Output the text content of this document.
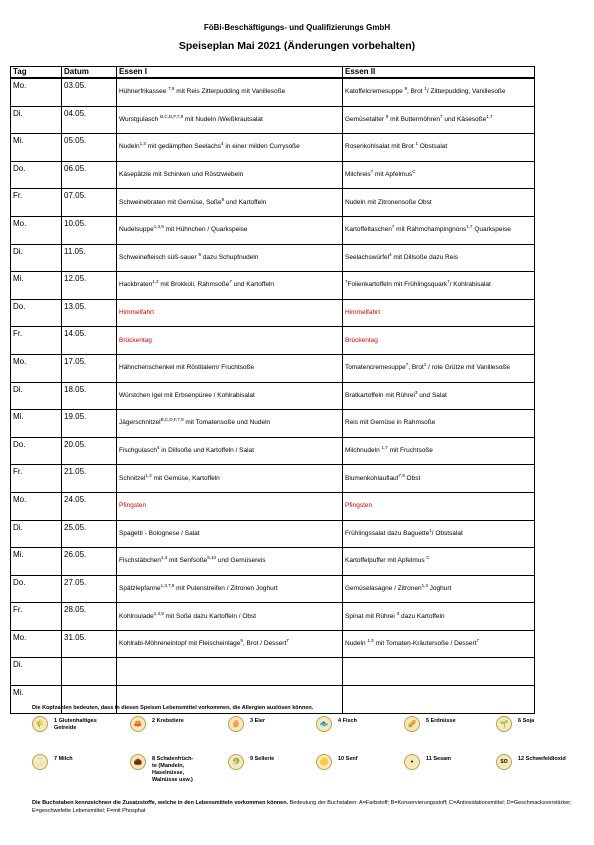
FöBi-Beschäftigungs- und Qualifizierungs GmbH
Speiseplan Mai 2021 (Änderungen vorbehalten)
Tag	Datum	Essen I	Essen II
Mo.	03.05.	Hühnerfrikassee $^{7,9}$ mit Reis Zitterpudding mit Vanillesoße	Katoffelcremesuppe $^9$, Brot $^1$/ Zitterpudding, Vanillesoße
Di.	04.05.	Wurstgulasch $^{B,C,D,F,7,9}$ mit Nudeln /Weißkrautsalat	Gemüsetalter $^9$ mit Buttermöhren$^7$ und Käsesoße$^{1,7}$
Mi.	05.05.	Nudeln$^{1,3}$ mit gedämpften Seelachs$^4$ in einer milden Currysoße	Rosenkohlsalat mit Brot $^1$ Obstsalat
Do.	06.05.	Käsepätzle mit Schinken und Röstzwiebeln	Milchreis$^7$ mit Apfelmus$^C$
Fr.	07.05.	Schweinebraten mit Gemüse, Soße$^9$ und Kartoffeln	Nudeln mit Zitronensoße Obst
Mo.	10.05.	Nudelsuppe$^{1,3,9}$ mit Hühnchen / Quarkspeise	Kartoffeltaschen$^7$ mit Rahmchampingnons$^{1,7}$ Quarkspeise
Di.	11.05.	Schweinefleisch süß-sauer $^9$ dazu Schupfnudeln	Seelachswürfel$^4$ mit Dillsoße dazu Reis
Mi.	12.05.	Hackbraten$^{1,3}$ mit Brokkoli, Rahmsoße$^7$ und Kartoffeln	$^7$Folienkartoffeln mit Frühlingsquark$^7$/ Kohlrabisalat
Do.	13.05.	Himmelfahrt	Himmelfahrt
Fr.	14.05.	Brückentag	Brückentag
Mo.	17.05.	Hähnchenschenkel mit Röstitalern/ Fruchtsoße	Tomatencremesuppe$^7$, Brot$^1$ / rote Grütze mit Vanillesoße
Di.	18.05.	Würstchen Igel mit Erbsenpüree / Kohlrabisalat	Bratkartoffeln mit Rührei$^3$ und Salat
Mi.	19.05.	Jägerschnitzel$^{B,C,D,F,7,9}$ mit Tomatensoße und Nudeln	Reis mit Gemüse in Rahmsoße
Do.	20.05.	Fischgulasch$^4$ in Dillsoße und Kartoffeln / Salat	Milchnudeln $^{1,7}$ mit Fruchtsoße
Fr.	21.05.	Schnitzel$^{1,3}$ mit Gemüse, Kartoffeln	Blumenkohlauflauf$^{7,9}$ Obst
Mo.	24.05.	Pfingsten	Pfingsten
Di.	25.05.	Spagetti - Bolognese / Salat	Frühlingssalat dazu Baguette$^1$/ Obstsalat
Mi.	26.05.	Fischstäbchen$^{1,4}$ mit Senfsoße$^{9,10}$ und Gemüsereis	Kartoffelpuffer mit Apfelmus $^C$
Do.	27.05.	Spätzlepfanne$^{1,3,7,9}$ mit Putenstreifen / Zitronen Joghurt	Gemüselasagne / Zitronen$^{1,3}$ Joghurt
Fr.	28.05.	Kohlroulade$^{1,3,9}$ mit Soße dazu Kartoffeln / Obst	Spinat mit Rührei $^3$ dazu Kartoffeln
Mo.	31.05.	Kohlrabi-Möhreneintopf mit Fleischeinlage$^9$, Brot / Dessert$^7$	Nudeln $^{1,3}$ mit Tomaten-Kräutersoße / Dessert$^7$
Di.			
Mi.			
Die Kopfzahlen bedeuten, dass in diesen Speisen Lebensmittel vorkommen, die Allergien auslösen können.
🌾	1 Glutenhaltiges Getreide
🦀	2 Krebstiere	🥚	3 Eier	🐟	4 Fisch	🥜	5 Erdnüsse	🌱	6 Soja
🥛	7 Milch	🌰	8 Schalenfrüch-
te (Mandeln,
Haselnüsse,
Walnüsse usw.)
🥬	9 Sellerie	🟡	10 Senf	•	11 Sesam	SO	12 Schwefeldioxid
Die Buchstaben kennzeichnen die Zusatzstoffe, welche in den Lebensmitteln vorkommen können. Bedeutung der Buchstaben: A=Farbstoff; B=Konservierungsstoff; C=Antioxidationsmittel; D=Geschmacksverstärker; E=geschwefelte Lebensmittel; F=mit Phosphat
